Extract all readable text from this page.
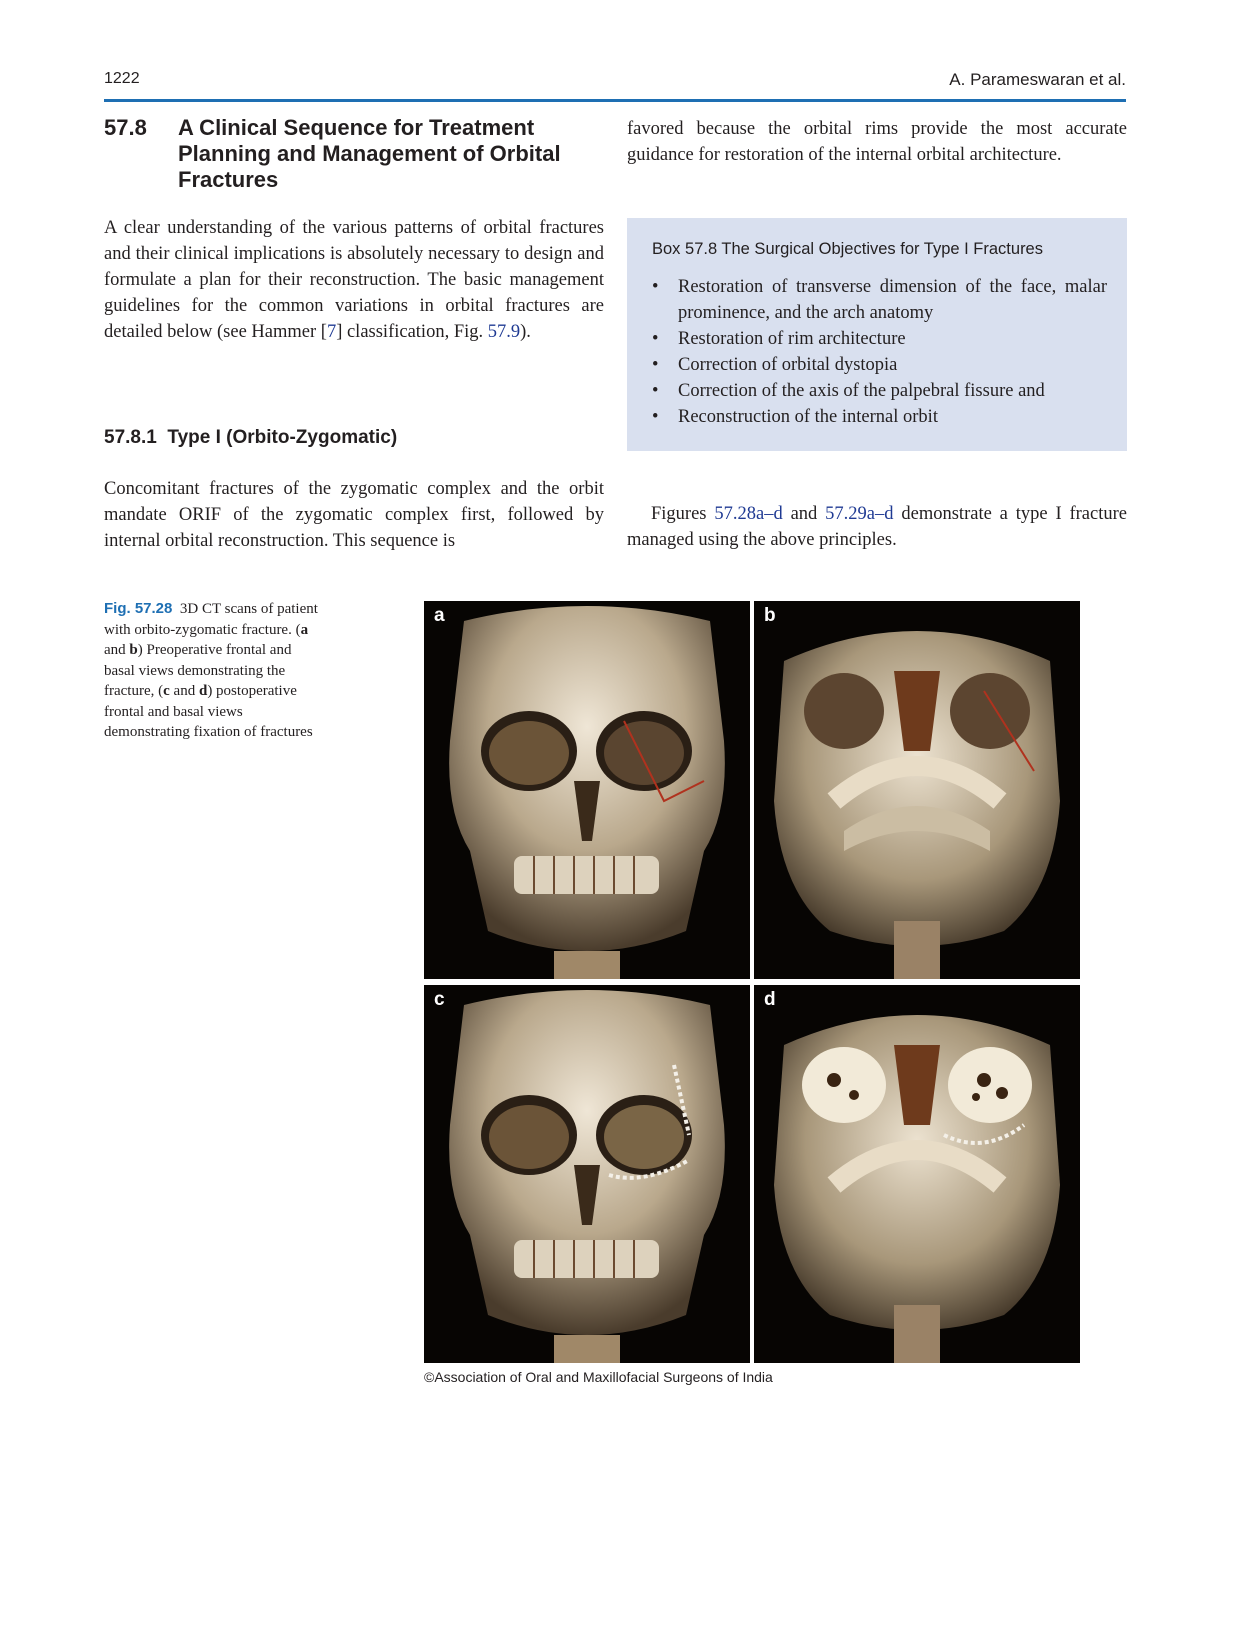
1222	A. Parameswaran et al.
57.8 A Clinical Sequence for Treatment Planning and Management of Orbital Fractures

A clear understanding of the various patterns of orbital fractures and their clinical implications is absolutely necessary to design and formulate a plan for their reconstruction. The basic management guidelines for the common variations in orbital fractures are detailed below (see Hammer [7] classification, Fig. 57.9).

57.8.1 Type I (Orbito-Zygomatic)

Concomitant fractures of the zygomatic complex and the orbit mandate ORIF of the zygomatic complex first, followed by internal orbital reconstruction. This sequence is

favored because the orbital rims provide the most accurate guidance for restoration of the internal orbital architecture.

Box 57.8 The Surgical Objectives for Type I Fractures
• Restoration of transverse dimension of the face, malar prominence, and the arch anatomy
• Restoration of rim architecture
• Correction of orbital dystopia
• Correction of the axis of the palpebral fissure and
• Reconstruction of the internal orbit

Figures 57.28a–d and 57.29a–d demonstrate a type I fracture managed using the above principles.

Fig. 57.28 3D CT scans of patient with orbito-zygomatic fracture. (a and b) Preoperative frontal and basal views demonstrating the fracture, (c and d) postoperative frontal and basal views demonstrating fixation of fractures
a	b
c	d
©Association of Oral and Maxillofacial Surgeons of India
